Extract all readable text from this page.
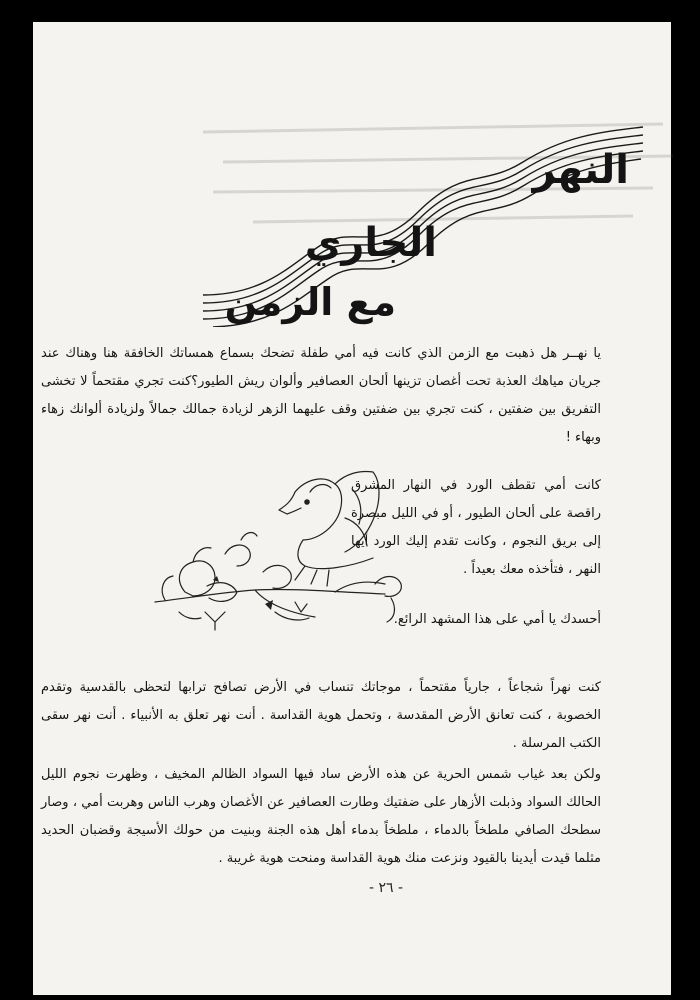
النهر
الجاري
مع الزمن

يا نهــر هل ذهبت مع الزمن الذي كانت فيه أمي طفلة تضحك بسماع همساتك الخافقة هنا وهناك عند جريان مياهك العذبة تحت أغصان تزينها ألحان العصافير وألوان ريش الطيور؟كنت تجري مقتحماً لا تخشى التفريق بين ضفتين ، كنت تجري بين ضفتين وقف عليهما الزهر لزيادة جمالك جمالاً ولزيادة ألوانك زهاء وبهاء !

كانت أمي تقطف الورد في النهار المشرق راقصة على ألحان الطيور ، أو في الليل مبصرة إلى بريق النجوم ، وكانت تقدم إليك الورد أيها النهر ، فتأخذه معك بعيداً .

أحسدك يا أمي على هذا المشهد الرائع.

كنت نهراً شجاعاً ، جارياً مقتحماً ، موجاتك تنساب في الأرض تصافح ترابها لتحظى بالقدسية وتقدم الخصوبة ، كنت تعانق الأرض المقدسة ، وتحمل هوية القداسة . أنت نهر تعلق به الأنبياء . أنت نهر سقى الكتب المرسلة .

ولكن بعد غياب شمس الحرية عن هذه الأرض ساد فيها السواد الظالم المخيف ، وظهرت نجوم الليل الحالك السواد وذبلت الأزهار على ضفتيك وطارت العصافير عن الأغصان وهرب الناس وهربت أمي ، وصار سطحك الصافي ملطخاً بالدماء ، ملطخاً بدماء أهل هذه الجنة وبنيت من حولك الأسيجة وقضبان الحديد مثلما قيدت أيدينا بالقيود ونزعت منك هوية القداسة ومنحت هوية غريبة .

- ٢٦ -
